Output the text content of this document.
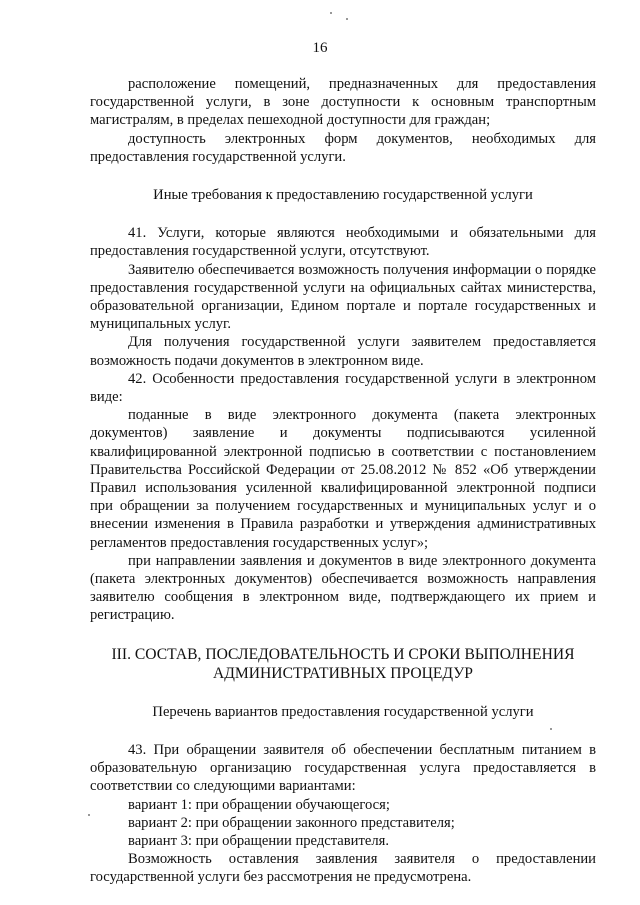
16

расположение помещений, предназначенных для предоставления государственной услуги, в зоне доступности к основным транспортным магистралям, в пределах пешеходной доступности для граждан;

доступность электронных форм документов, необходимых для предоставления государственной услуги.

Иные требования к предоставлению государственной услуги

41. Услуги, которые являются необходимыми и обязательными для предоставления государственной услуги, отсутствуют.

Заявителю обеспечивается возможность получения информации о порядке предоставления государственной услуги на официальных сайтах министерства, образовательной организации, Едином портале и портале государственных и муниципальных услуг.

Для получения государственной услуги заявителем предоставляется возможность подачи документов в электронном виде.

42. Особенности предоставления государственной услуги в электронном виде:

поданные в виде электронного документа (пакета электронных документов) заявление и документы подписываются усиленной квалифицированной электронной подписью в соответствии с постановлением Правительства Российской Федерации от 25.08.2012 № 852 «Об утверждении Правил использования усиленной квалифицированной электронной подписи при обращении за получением государственных и муниципальных услуг и о внесении изменения в Правила разработки и утверждения административных регламентов предоставления государственных услуг»;

при направлении заявления и документов в виде электронного документа (пакета электронных документов) обеспечивается возможность направления заявителю сообщения в электронном виде, подтверждающего их прием и регистрацию.

III. СОСТАВ, ПОСЛЕДОВАТЕЛЬНОСТЬ И СРОКИ ВЫПОЛНЕНИЯ

АДМИНИСТРАТИВНЫХ ПРОЦЕДУР

Перечень вариантов предоставления государственной услуги

43. При обращении заявителя об обеспечении бесплатным питанием в образовательную организацию государственная услуга предоставляется в соответствии со следующими вариантами:

вариант 1: при обращении обучающегося;

вариант 2: при обращении законного представителя;

вариант 3: при обращении представителя.

Возможность оставления заявления заявителя о предоставлении государственной услуги без рассмотрения не предусмотрена.
